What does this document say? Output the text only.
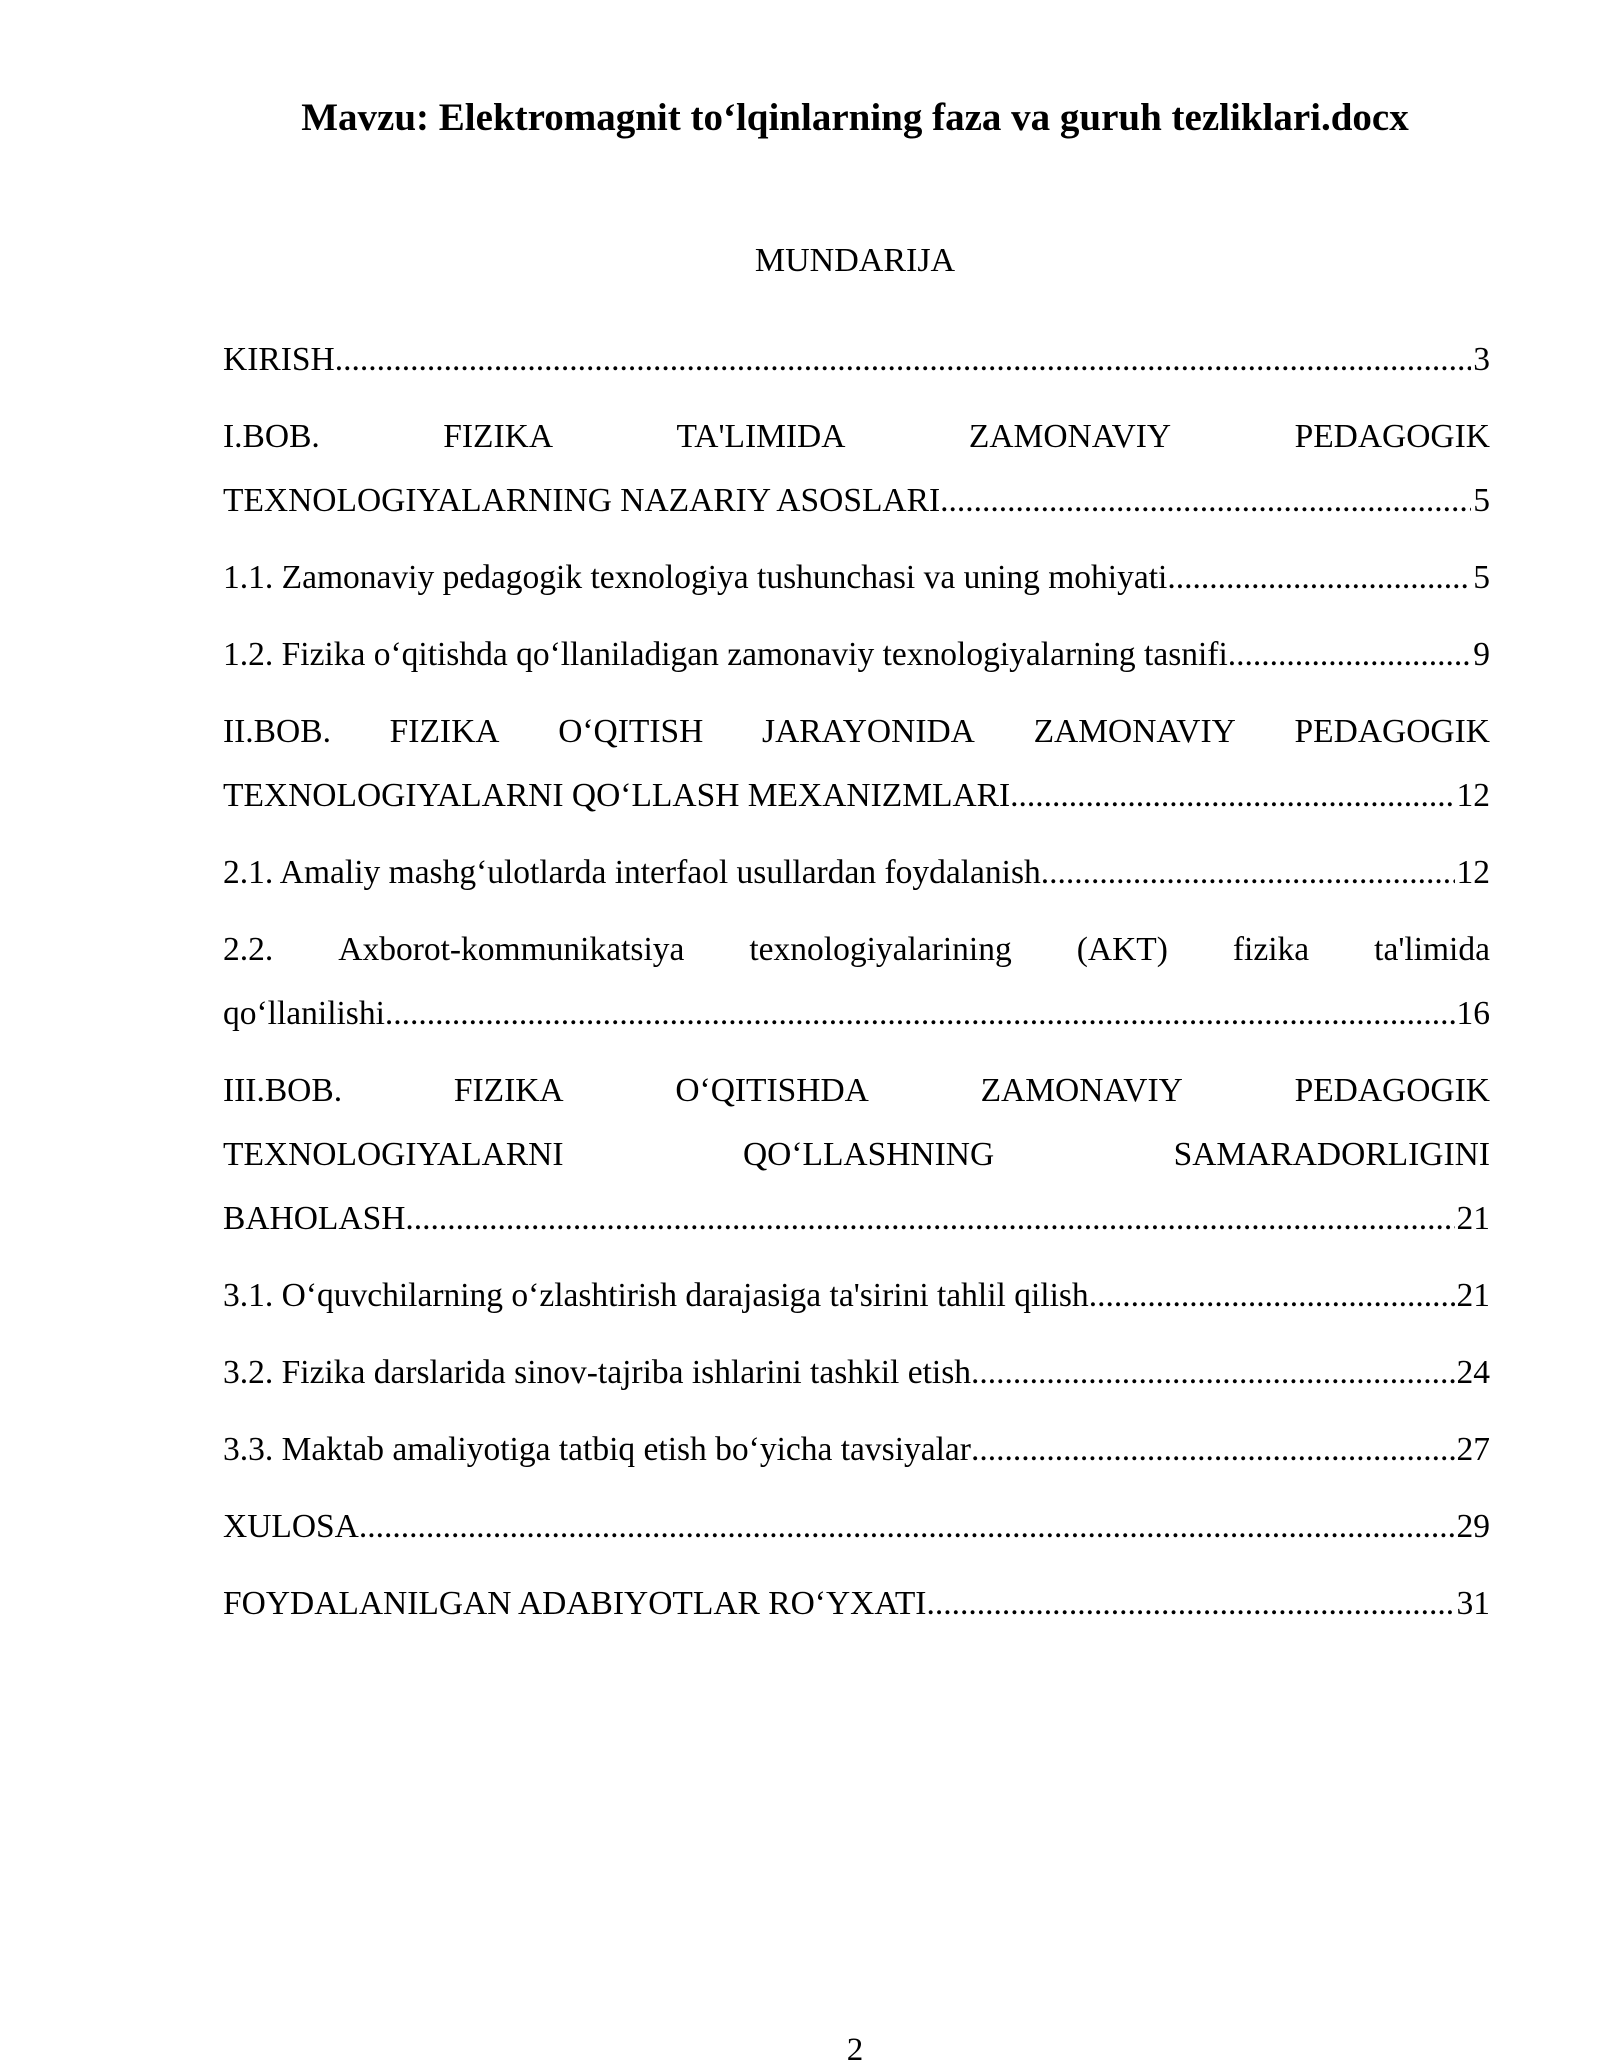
Mavzu: Elektromagnit to‘lqinlarning faza va guruh tezliklari.docx
MUNDARIJA
KIRISH .....	3
I.BOB.	FIZIKA	TA'LIMIDA	ZAMONAVIY	PEDAGOGIK
TEXNOLOGIYALARNING NAZARIY ASOSLARI .....	5
1.1. Zamonaviy pedagogik texnologiya tushunchasi va uning mohiyati .....	5
1.2. Fizika o‘qitishda qo‘llaniladigan zamonaviy texnologiyalarning tasnifi .....	9
II.BOB. FIZIKA O‘QITISH JARAYONIDA ZAMONAVIY PEDAGOGIK
TEXNOLOGIYALARNI QO‘LLASH MEXANIZMLARI .....	12
2.1. Amaliy mashg‘ulotlarda interfaol usullardan foydalanish .....	12
2.2. Axborot-kommunikatsiya texnologiyalarining (AKT) fizika ta'limida
qo‘llanilishi .....	16
III.BOB.	FIZIKA	O‘QITISHDA	ZAMONAVIY	PEDAGOGIK
TEXNOLOGIYALARNI	QO‘LLASHNING	SAMARADORLIGINI
BAHOLASH .....	21
3.1. O‘quvchilarning o‘zlashtirish darajasiga ta'sirini tahlil qilish .....	21
3.2. Fizika darslarida sinov-tajriba ishlarini tashkil etish .....	24
3.3. Maktab amaliyotiga tatbiq etish bo‘yicha tavsiyalar .....	27
XULOSA .....	29
FOYDALANILGAN ADABIYOTLAR RO‘YXATI .....	31
2
